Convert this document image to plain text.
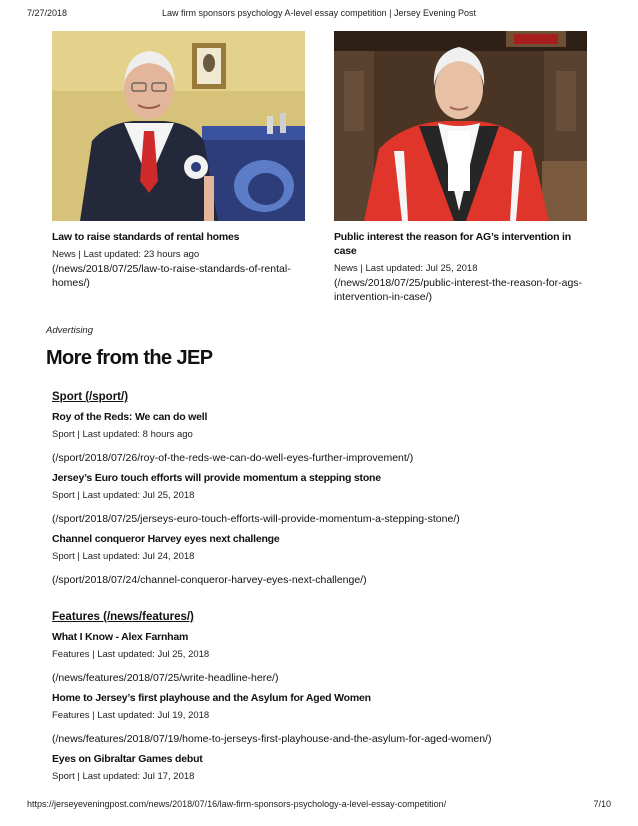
7/27/2018	Law firm sponsors psychology A-level essay competition | Jersey Evening Post

Law to raise standards of rental homes

News | Last updated: 23 hours ago
(/news/2018/07/25/law-to-raise-standards-of-rental-homes/)

Public interest the reason for AG’s intervention in case

News | Last updated: Jul 25, 2018
(/news/2018/07/25/public-interest-the-reason-for-ags-intervention-in-case/)
Advertising
More from the JEP
Sport (/sport/)
Roy of the Reds: We can do well
Sport | Last updated: 8 hours ago
(/sport/2018/07/26/roy-of-the-reds-we-can-do-well-eyes-further-improvement/)
Jersey’s Euro touch efforts will provide momentum a stepping stone
Sport | Last updated: Jul 25, 2018
(/sport/2018/07/25/jerseys-euro-touch-efforts-will-provide-momentum-a-stepping-stone/)
Channel conqueror Harvey eyes next challenge
Sport | Last updated: Jul 24, 2018
(/sport/2018/07/24/channel-conqueror-harvey-eyes-next-challenge/)
Features (/news/features/)
What I Know - Alex Farnham
Features | Last updated: Jul 25, 2018
(/news/features/2018/07/25/write-headline-here/)
Home to Jersey’s first playhouse and the Asylum for Aged Women
Features | Last updated: Jul 19, 2018
(/news/features/2018/07/19/home-to-jerseys-first-playhouse-and-the-asylum-for-aged-women/)
Eyes on Gibraltar Games debut
Sport | Last updated: Jul 17, 2018
https://jerseyeveningpost.com/news/2018/07/16/law-firm-sponsors-psychology-a-level-essay-competition/	7/10
